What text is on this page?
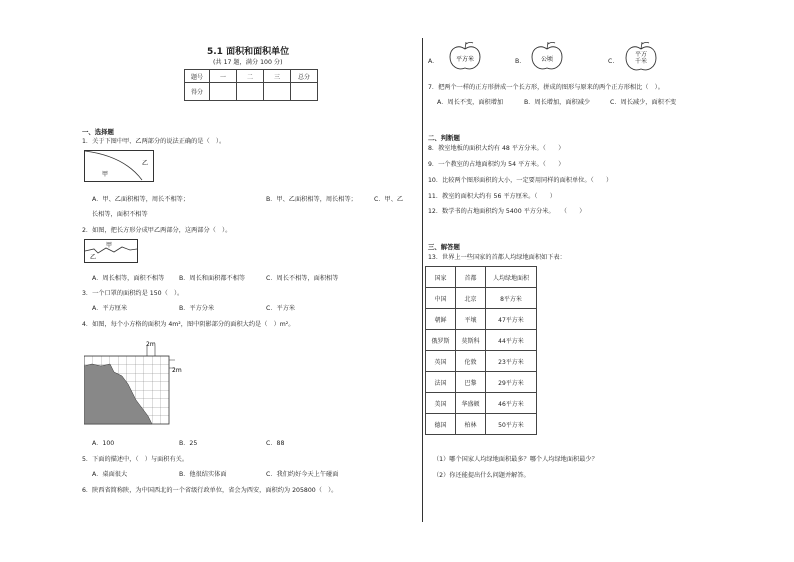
5.1 面积和面积单位
(共 17 题，满分 100 分)
题号	一	二	三	总分
得分				
一、选择题
1．关于下图中甲、乙两部分的说法正确的是（　）。
甲
乙
A．甲、乙面积相等，周长不相等；	B．甲、乙面积相等，周长相等；	C．甲、乙
长相等，面积不相等
2．如图，把长方形分成甲乙两部分，这两部分（　）。
甲
乙
A．周长相等，面积不相等 B．周长和面积都不相等	C．周长不相等，面积相等
3．一个口罩的面积约是 150（　）。
A．平方厘米	B．平方分米	C．平方米
4．如图，每个小方格的面积为 4m²，图中阴影部分的面积大约是（　）m²。
2m
2m
A．100	B．25	C．88
5．下面的描述中，（　）与面积有关。
A．桌面很大	B．他很结实体面	C．我们约好今天上午碰面
6．陕西省简称陕，为中国西北的一个省级行政单位，省会为西安，面积约为 205800（　）。
A.	平方米	B.	公顷	C.
平方千米
7．把两个一样的正方形拼成一个长方形，拼成的图形与原来的两个正方形相比（　）。
A．周长不变，面积增加	B．周长增加，面积减少	C．周长减少，面积不变
二、判断题
8．教室地板的面积大约有 48 平方分米。（　　）
9．一个教室的占地面积约为 54 平方米。（　　）
10．比较两个图形面积的大小，一定要用同样的面积单位。（　　）
11．教室的面积大约有 56 平方厘米。（　　）
12．数学书的占地面积约为 5400 平方分米。　　（　　）
三、解答题
13．世界上一些国家的首都人均绿地面积如下表：
国家	首都	人均绿地面积
中国	北京	8平方米
朝鲜	平壤	47平方米
俄罗斯	莫斯科	44平方米
英国	伦敦	23平方米
法国	巴黎	29平方米
美国	华盛顿	46平方米
德国	柏林	50平方米
（1）哪个国家人均绿地面积最多？哪个人均绿地面积最少？
（2）你还能提出什么问题并解答。
